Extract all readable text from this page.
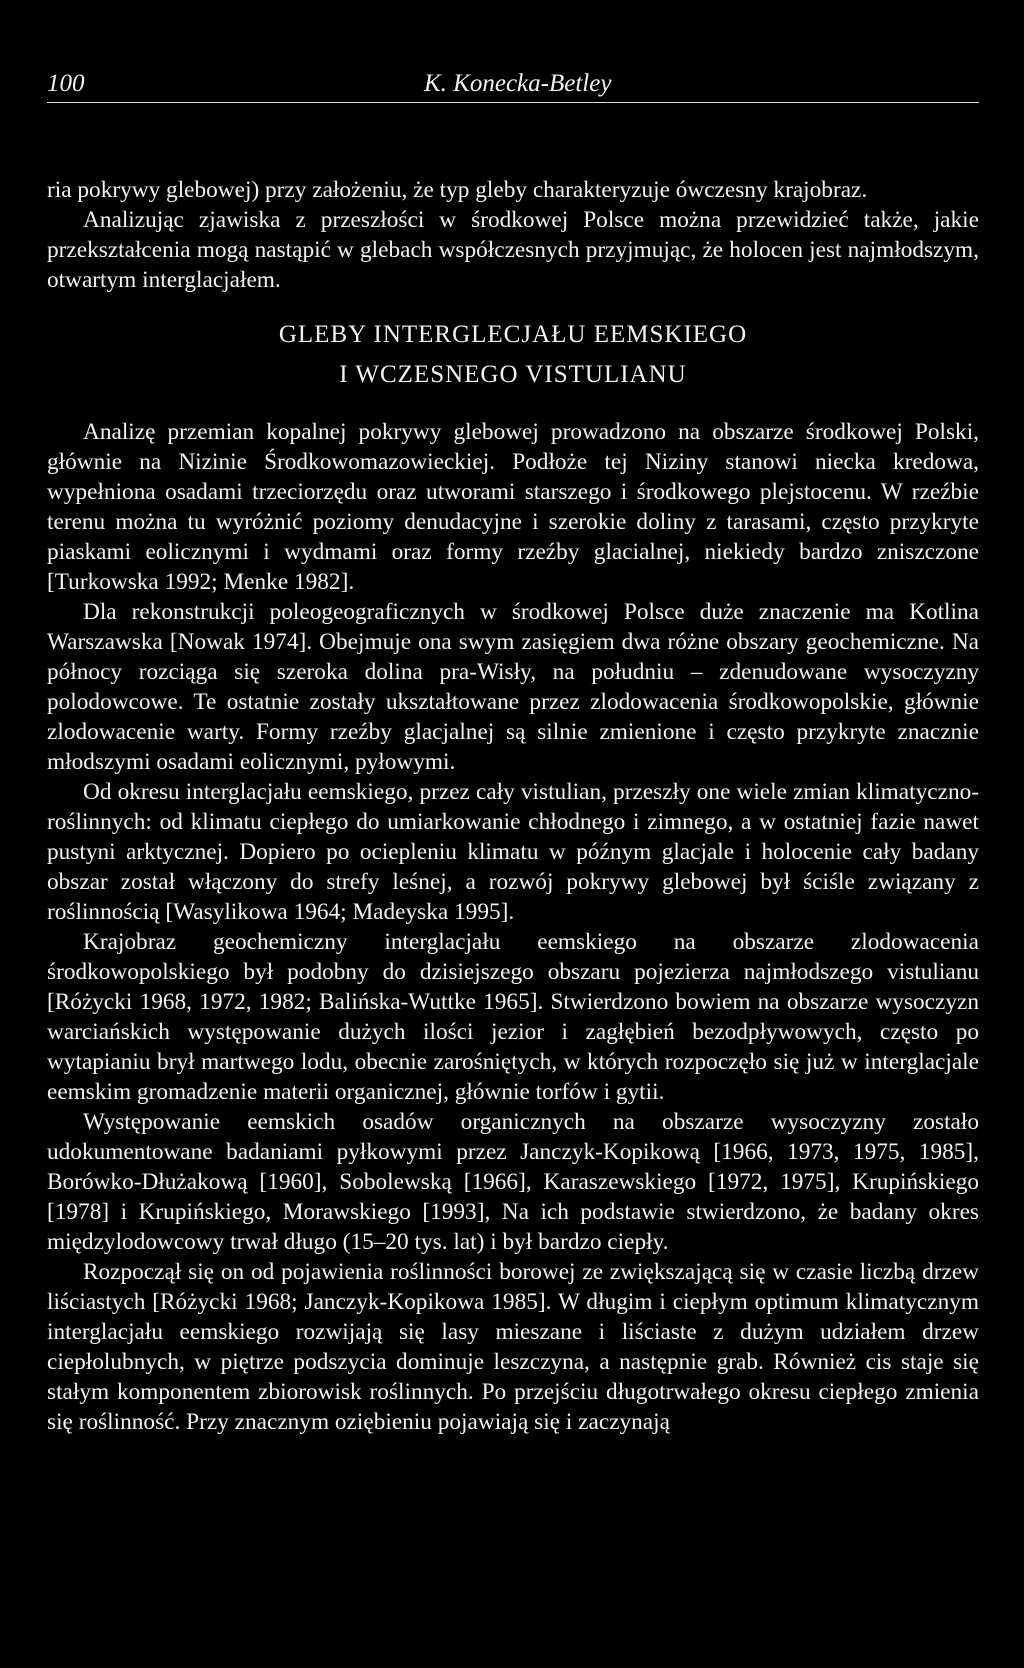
100	K. Konecka-Betley

ria pokrywy glebowej) przy założeniu, że typ gleby charakteryzuje ówczesny krajobraz.

Analizując zjawiska z przeszłości w środkowej Polsce można przewidzieć także, jakie przekształcenia mogą nastąpić w glebach współczesnych przyjmując, że holocen jest najmłodszym, otwartym interglacjałem.

GLEBY INTERGLECJAŁU EEMSKIEGO
I WCZESNEGO VISTULIANU

Analizę przemian kopalnej pokrywy glebowej prowadzono na obszarze środkowej Polski, głównie na Nizinie Środkowomazowieckiej. Podłoże tej Niziny stanowi niecka kredowa, wypełniona osadami trzeciorzędu oraz utworami starszego i środkowego plejstocenu. W rzeźbie terenu można tu wyróżnić poziomy denudacyjne i szerokie doliny z tarasami, często przykryte piaskami eolicznymi i wydmami oraz formy rzeźby glacialnej, niekiedy bardzo zniszczone [Turkowska 1992; Menke 1982].

Dla rekonstrukcji poleogeograficznych w środkowej Polsce duże znaczenie ma Kotlina Warszawska [Nowak 1974]. Obejmuje ona swym zasięgiem dwa różne obszary geochemiczne. Na północy rozciąga się szeroka dolina pra-Wisły, na południu – zdenudowane wysoczyzny polodowcowe. Te ostatnie zostały ukształtowane przez zlodowacenia środkowopolskie, głównie zlodowacenie warty. Formy rzeźby glacjalnej są silnie zmienione i często przykryte znacznie młodszymi osadami eolicznymi, pyłowymi.

Od okresu interglacjału eemskiego, przez cały vistulian, przeszły one wiele zmian klimatyczno-roślinnych: od klimatu ciepłego do umiarkowanie chłodnego i zimnego, a w ostatniej fazie nawet pustyni arktycznej. Dopiero po ociepleniu klimatu w późnym glacjale i holocenie cały badany obszar został włączony do strefy leśnej, a rozwój pokrywy glebowej był ściśle związany z roślinnością [Wasylikowa 1964; Madeyska 1995].

Krajobraz geochemiczny interglacjału eemskiego na obszarze zlodowacenia środkowopolskiego był podobny do dzisiejszego obszaru pojezierza najmłodszego vistulianu [Różycki 1968, 1972, 1982; Balińska-Wuttke 1965]. Stwierdzono bowiem na obszarze wysoczyzn warciańskich występowanie dużych ilości jezior i zagłębień bezodpływowych, często po wytapianiu brył martwego lodu, obecnie zarośniętych, w których rozpoczęło się już w interglacjale eemskim gromadzenie materii organicznej, głównie torfów i gytii.

Występowanie eemskich osadów organicznych na obszarze wysoczyzny zostało udokumentowane badaniami pyłkowymi przez Janczyk-Kopikową [1966, 1973, 1975, 1985], Borówko-Dłużakową [1960], Sobolewską [1966], Karaszewskiego [1972, 1975], Krupińskiego [1978] i Krupińskiego, Morawskiego [1993], Na ich podstawie stwierdzono, że badany okres międzylodowcowy trwał długo (15–20 tys. lat) i był bardzo ciepły.

Rozpoczął się on od pojawienia roślinności borowej ze zwiększającą się w czasie liczbą drzew liściastych [Różycki 1968; Janczyk-Kopikowa 1985]. W długim i ciepłym optimum klimatycznym interglacjału eemskiego rozwijają się lasy mieszane i liściaste z dużym udziałem drzew ciepłolubnych, w piętrze podszycia dominuje leszczyna, a następnie grab. Również cis staje się stałym komponentem zbiorowisk roślinnych. Po przejściu długotrwałego okresu ciepłego zmienia się roślinność. Przy znacznym oziębieniu pojawiają się i zaczynają
